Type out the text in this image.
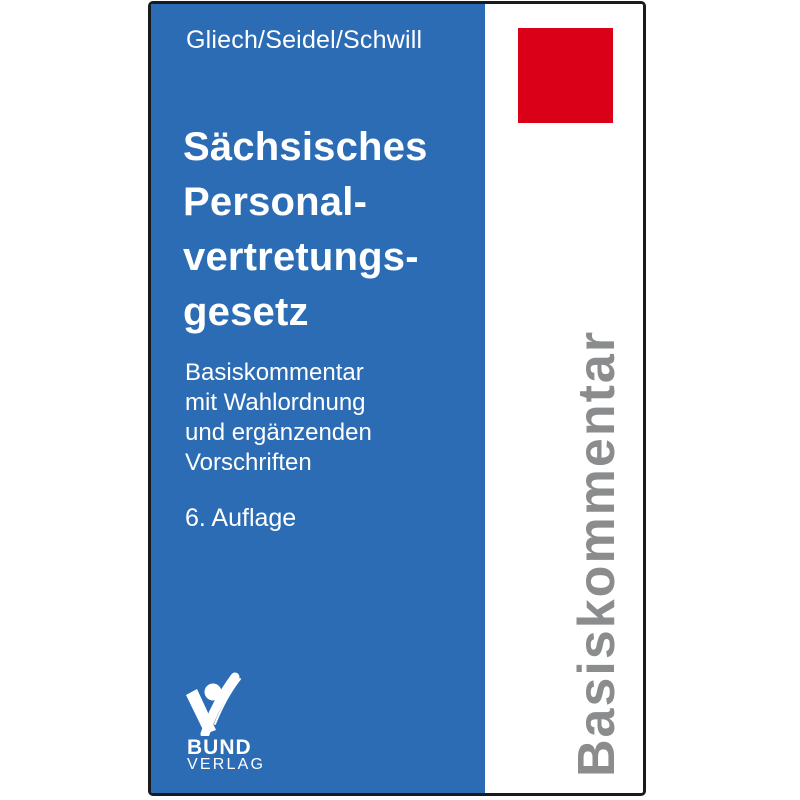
Gliech/Seidel/Schwill
Sächsisches
Personal-
vertretungs-
gesetz
Basiskommentar
mit Wahlordnung
und ergänzenden
Vorschriften
6. Auflage
BUND
VERLAG	Basiskommentar
